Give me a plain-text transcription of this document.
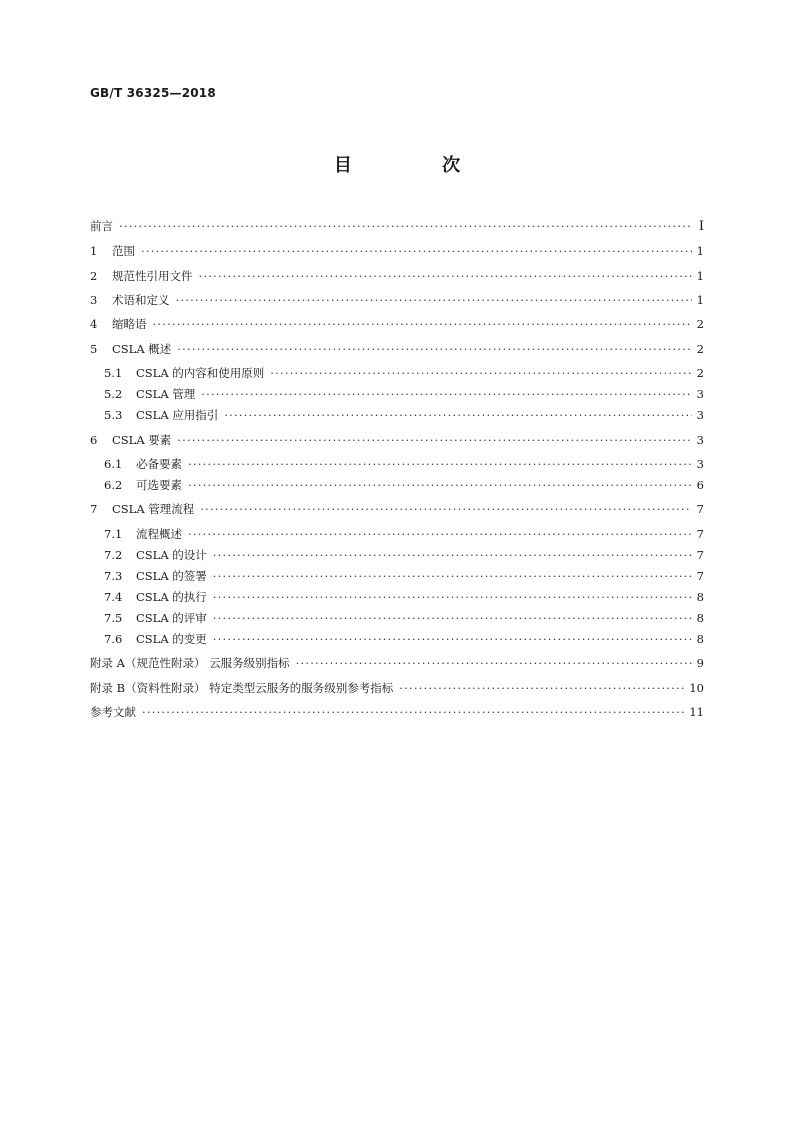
GB/T 36325—2018
目 次
前言 ·····	Ⅰ
1 范围 ·····	1
2 规范性引用文件 ·····	1
3 术语和定义 ·····	1
4 缩略语 ·····	2
5 CSLA 概述 ·····	2
5.1 CSLA 的内容和使用原则 ·····	2
5.2 CSLA 管理 ·····	3
5.3 CSLA 应用指引 ·····	3
6 CSLA 要素 ·····	3
6.1 必备要素 ·····	3
6.2 可选要素 ·····	6
7 CSLA 管理流程 ·····	7
7.1 流程概述 ·····	7
7.2 CSLA 的设计 ·····	7
7.3 CSLA 的签署 ·····	7
7.4 CSLA 的执行 ·····	8
7.5 CSLA 的评审 ·····	8
7.6 CSLA 的变更 ·····	8
附录 A（规范性附录） 云服务级别指标 ·····	9
附录 B（资料性附录） 特定类型云服务的服务级别参考指标 ·····	10
参考文献 ·····	11
